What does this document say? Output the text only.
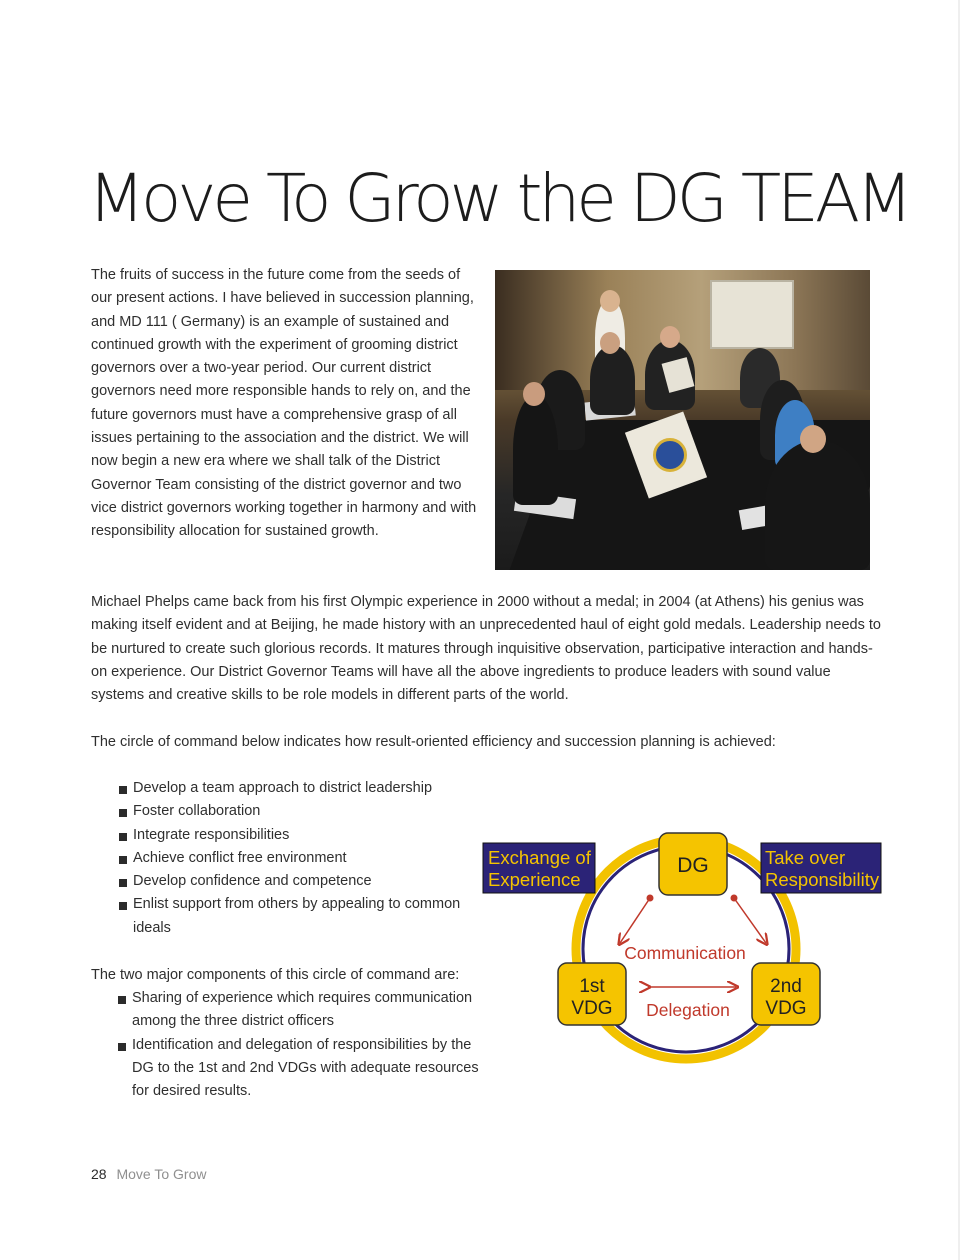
Move To Grow the DG TEAM

The fruits of success in the future come from the seeds of our present actions. I have believed in succession planning, and MD 111 ( Germany) is an example of sustained and continued growth with the experiment of grooming district governors over a two-year period. Our current district governors need more responsible hands to rely on, and the future governors must have a comprehensive grasp of all issues pertaining to the association and the district. We will now begin a new era where we shall talk of the District Governor Team consisting of the district governor and two vice district governors working together in harmony and with responsibility allocation for sustained growth.

Michael Phelps came back from his first Olympic experience in 2000 without a medal; in 2004 (at Athens) his genius was making itself evident and at Beijing, he made history with an unprecedented haul of eight gold medals. Leadership needs to be nurtured to create such glorious records. It matures through inquisitive observation, participative interaction and hands-on experience. Our District Governor Teams will have all the above ingredients to produce leaders with sound value systems and creative skills to be role models in different parts of the world.

The circle of command below indicates how result-oriented efficiency and succession planning is achieved:

Develop a team approach to district leadership
Foster collaboration
Integrate responsibilities
Achieve conflict free environment
Develop confidence and competence
Enlist support from others by appealing to common ideals

The two major components of this circle of command are:

Sharing of experience which requires communication among the three district officers
Identification and delegation of responsibilities by the DG to the 1st and 2nd VDGs with adequate resources for desired results.
DG
1st
VDG
2nd
VDG
Exchange of
Experience
Take over
Responsibility
Communication
Delegation
28 Move To Grow
